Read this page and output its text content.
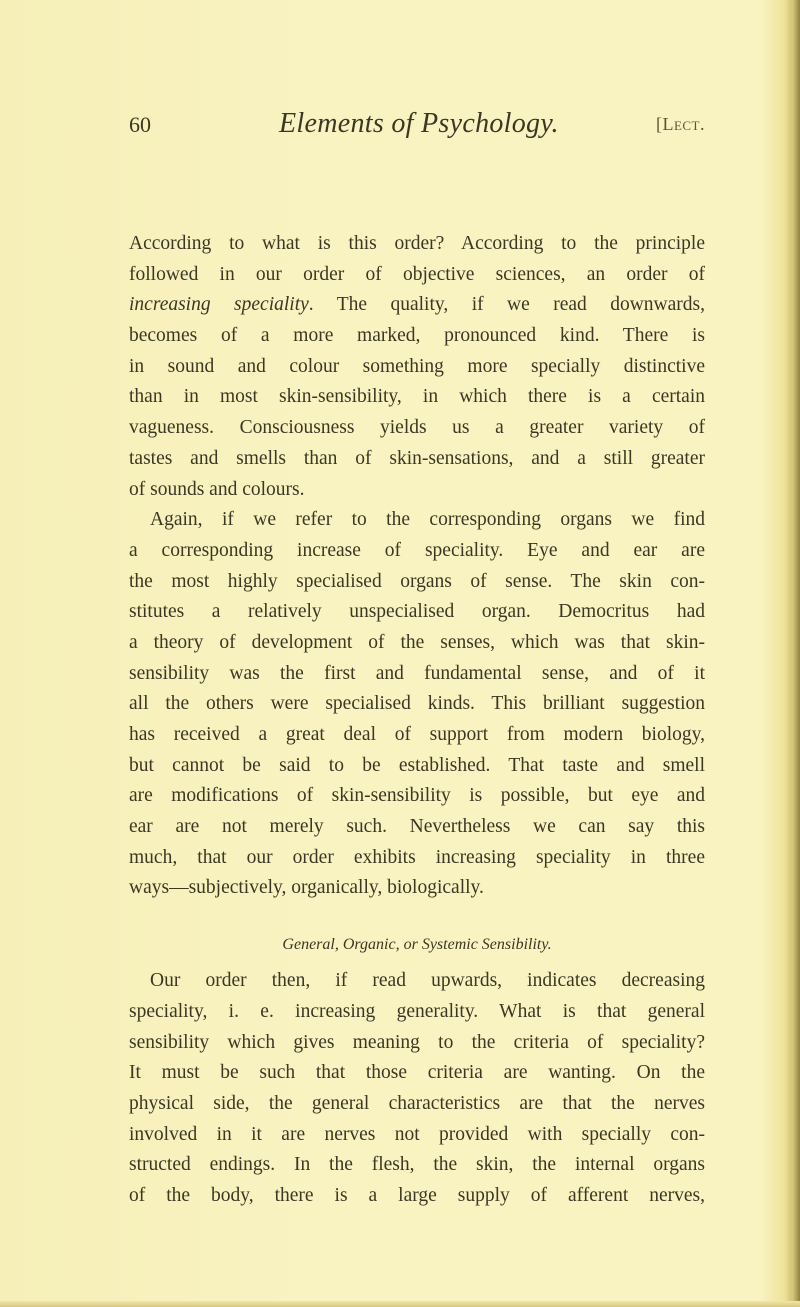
60	Elements of Psychology.	[Lect.
According to what is this order? According to the principle
followed in our order of objective sciences, an order of
increasing speciality. The quality, if we read downwards,
becomes of a more marked, pronounced kind. There is
in sound and colour something more specially distinctive
than in most skin-sensibility, in which there is a certain
vagueness. Consciousness yields us a greater variety of
tastes and smells than of skin-sensations, and a still greater
of sounds and colours.
Again, if we refer to the corresponding organs we find
a corresponding increase of speciality. Eye and ear are
the most highly specialised organs of sense. The skin con-
stitutes a relatively unspecialised organ. Democritus had
a theory of development of the senses, which was that skin-
sensibility was the first and fundamental sense, and of it
all the others were specialised kinds. This brilliant suggestion
has received a great deal of support from modern biology,
but cannot be said to be established. That taste and smell
are modifications of skin-sensibility is possible, but eye and
ear are not merely such. Nevertheless we can say this
much, that our order exhibits increasing speciality in three
ways—subjectively, organically, biologically.
General, Organic, or Systemic Sensibility.
Our order then, if read upwards, indicates decreasing
speciality, i. e. increasing generality. What is that general
sensibility which gives meaning to the criteria of speciality?
It must be such that those criteria are wanting. On the
physical side, the general characteristics are that the nerves
involved in it are nerves not provided with specially con-
structed endings. In the flesh, the skin, the internal organs
of the body, there is a large supply of afferent nerves,
